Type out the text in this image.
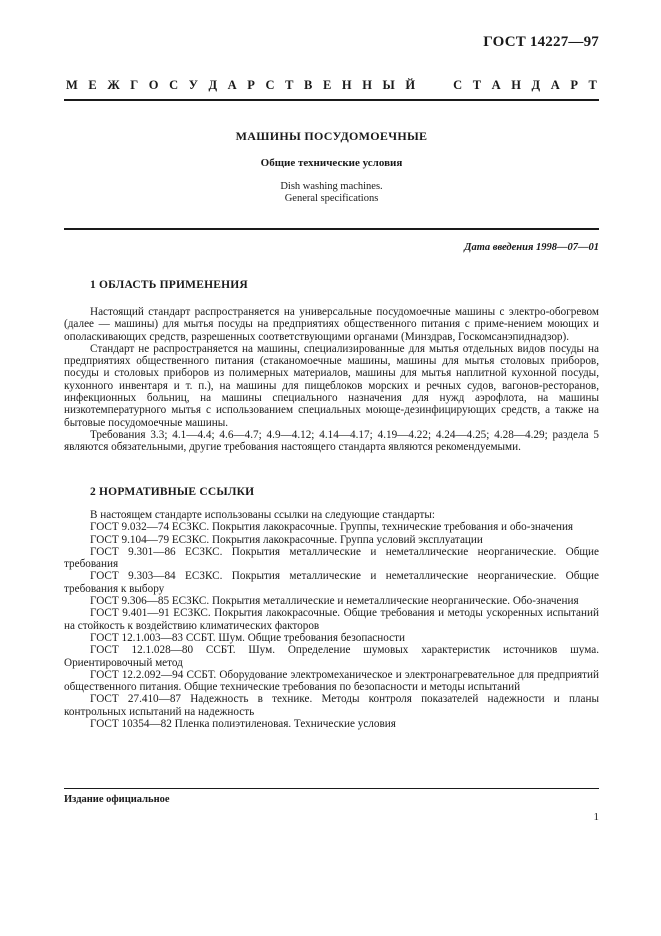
ГОСТ 14227—97
М Е Ж Г О С У Д А Р С Т В Е Н Н Ы Й

	С Т А Н Д А Р Т
МАШИНЫ ПОСУДОМОЕЧНЫЕ
Общие технические условия
Dish washing machines.
General specifications
Дата введения 1998—07—01
1 ОБЛАСТЬ ПРИМЕНЕНИЯ

Настоящий стандарт распространяется на универсальные посудомоечные машины с электро-обогревом (далее — машины) для мытья посуды на предприятиях общественного питания с приме-нением моющих и ополаскивающих средств, разрешенных соответствующими органами (Минздрав, Госкомсанэпиднадзор).

Стандарт не распространяется на машины, специализированные для мытья отдельных видов посуды на предприятиях общественного питания (стаканомоечные машины, машины для мытья столовых приборов, посуды и столовых приборов из полимерных материалов, машины для мытья наплитной кухонной посуды, кухонного инвентаря и т. п.), на машины для пищеблоков морских и речных судов, вагонов-ресторанов, инфекционных больниц, на машины специального назначения для нужд аэрофлота, на машины низкотемпературного мытья с использованием специальных моюще-дезинфицирующих средств, а также на бытовые посудомоечные машины.

Требования 3.3; 4.1—4.4; 4.6—4.7; 4.9—4.12; 4.14—4.17; 4.19—4.22; 4.24—4.25; 4.28—4.29; раздела 5 являются обязательными, другие требования настоящего стандарта являются рекомендуемыми.

2 НОРМАТИВНЫЕ ССЫЛКИ

В настоящем стандарте использованы ссылки на следующие стандарты:

ГОСТ 9.032—74 ЕСЗКС. Покрытия лакокрасочные. Группы, технические требования и обо-значения

ГОСТ 9.104—79 ЕСЗКС. Покрытия лакокрасочные. Группа условий эксплуатации

ГОСТ 9.301—86 ЕСЗКС. Покрытия металлические и неметаллические неорганические. Общие требования

ГОСТ 9.303—84 ЕСЗКС. Покрытия металлические и неметаллические неорганические. Общие требования к выбору

ГОСТ 9.306—85 ЕСЗКС. Покрытия металлические и неметаллические неорганические. Обо-значения

ГОСТ 9.401—91 ЕСЗКС. Покрытия лакокрасочные. Общие требования и методы ускоренных испытаний на стойкость к воздействию климатических факторов

ГОСТ 12.1.003—83 ССБТ. Шум. Общие требования безопасности

ГОСТ 12.1.028—80 ССБТ. Шум. Определение шумовых характеристик источников шума. Ориентировочный метод

ГОСТ 12.2.092—94 ССБТ. Оборудование электромеханическое и электронагревательное для предприятий общественного питания. Общие технические требования по безопасности и методы испытаний

ГОСТ 27.410—87 Надежность в технике. Методы контроля показателей надежности и планы контрольных испытаний на надежность

ГОСТ 10354—82 Пленка полиэтиленовая. Технические условия

Издание официальное
1
